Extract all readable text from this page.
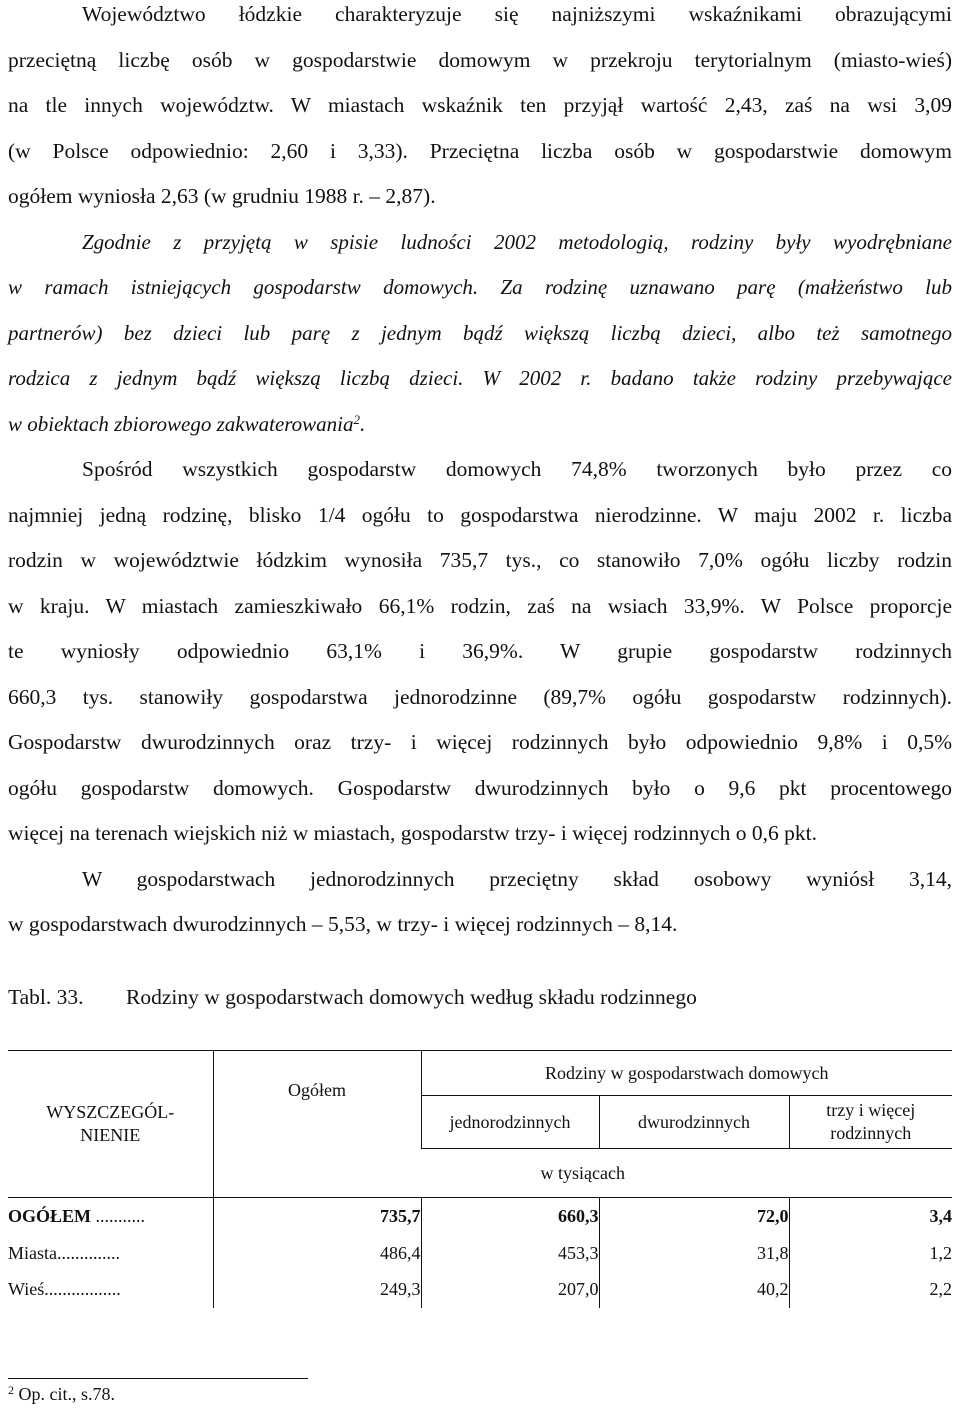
Województwo łódzkie charakteryzuje się najniższymi wskaźnikami obrazującymi
przeciętną liczbę osób w gospodarstwie domowym w przekroju terytorialnym (miasto-wieś)
na tle innych województw. W miastach wskaźnik ten przyjął wartość 2,43, zaś na wsi 3,09
(w Polsce odpowiednio: 2,60 i 3,33). Przeciętna liczba osób w gospodarstwie domowym
ogółem wyniosła 2,63 (w grudniu 1988 r. – 2,87).

Zgodnie z przyjętą w spisie ludności 2002 metodologią, rodziny były wyodrębniane
w ramach istniejących gospodarstw domowych. Za rodzinę uznawano parę (małżeństwo lub
partnerów) bez dzieci lub parę z jednym bądź większą liczbą dzieci, albo też samotnego
rodzica z jednym bądź większą liczbą dzieci. W 2002 r. badano także rodziny przebywające
w obiektach zbiorowego zakwaterowania$^2$.

Spośród wszystkich gospodarstw domowych 74,8% tworzonych było przez co
najmniej jedną rodzinę, blisko 1/4 ogółu to gospodarstwa nierodzinne. W maju 2002 r. liczba
rodzin w województwie łódzkim wynosiła 735,7 tys., co stanowiło 7,0% ogółu liczby rodzin
w kraju. W miastach zamieszkiwało 66,1% rodzin, zaś na wsiach 33,9%. W Polsce proporcje
te wyniosły odpowiednio 63,1% i 36,9%. W grupie gospodarstw rodzinnych
660,3 tys. stanowiły gospodarstwa jednorodzinne (89,7% ogółu gospodarstw rodzinnych).
Gospodarstw dwurodzinnych oraz trzy- i więcej rodzinnych było odpowiednio 9,8% i 0,5%
ogółu gospodarstw domowych. Gospodarstw dwurodzinnych było o 9,6 pkt procentowego
więcej na terenach wiejskich niż w miastach, gospodarstw trzy- i więcej rodzinnych o 0,6 pkt.

W gospodarstwach jednorodzinnych przeciętny skład osobowy wyniósł 3,14,
w gospodarstwach dwurodzinnych – 5,53, w trzy- i więcej rodzinnych – 8,14.

Tabl. 33. Rodziny w gospodarstwach domowych według składu rodzinnego
WYSZCZEGÓL-
NIENIE	Ogółem	Rodziny w gospodarstwach domowych		
		jednorodzinnych	dwurodzinnych	trzy i więcej
rodzinnych
	w tysiącach			
OGÓŁEM ...........	735,7	660,3	72,0	3,4
Miasta..............	486,4	453,3	31,8	1,2
Wieś.................	249,3	207,0	40,2	2,2
$^2$ Op. cit., s.78.
